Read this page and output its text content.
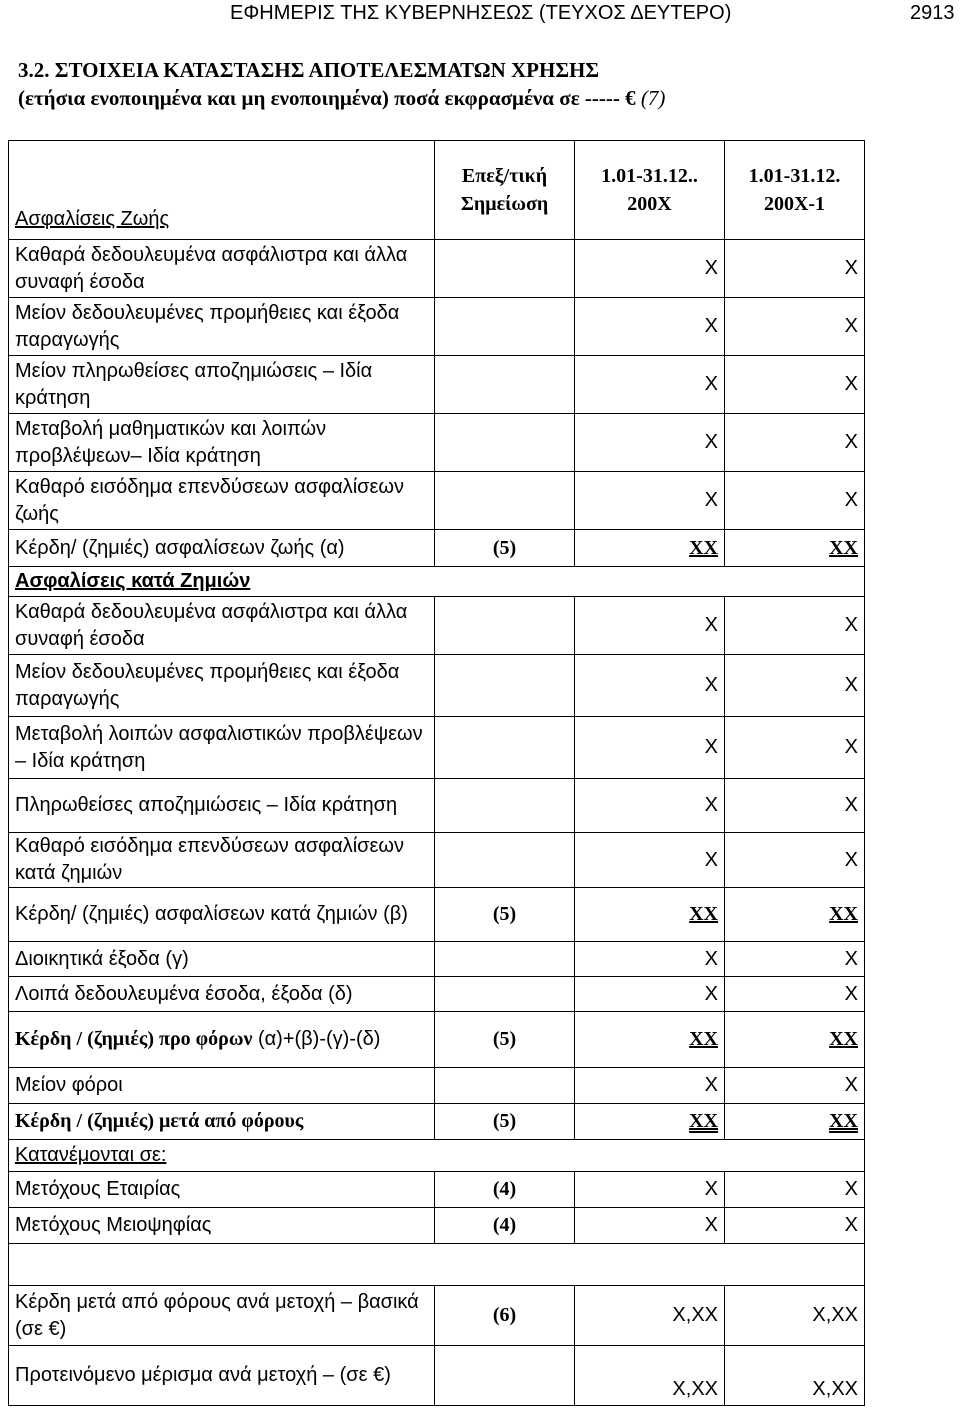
ΕΦΗΜΕΡΙΣ ΤΗΣ ΚΥΒΕΡΝΗΣΕΩΣ (ΤΕΥΧΟΣ ΔΕΥΤΕΡΟ)	2913
3.2. ΣΤΟΙΧΕΙΑ ΚΑΤΑΣΤΑΣΗΣ ΑΠΟΤΕΛΕΣΜΑΤΩΝ ΧΡΗΣΗΣ
(ετήσια ενοποιημένα και μη ενοποιημένα) ποσά εκφρασμένα σε ----- € (7)
Ασφαλίσεις Ζωής	Επεξ/τική Σημείωση	1.01-31.12.. 200Χ	1.01-31.12. 200Χ-1
Καθαρά δεδουλευμένα ασφάλιστρα και άλλα συναφή έσοδα		Χ	Χ
Μείον δεδουλευμένες προμήθειες και έξοδα παραγωγής		Χ	Χ
Μείον πληρωθείσες αποζημιώσεις – Ιδία κράτηση		Χ	Χ
Μεταβολή μαθηματικών και λοιπών προβλέψεων– Ιδία κράτηση		Χ	Χ
Καθαρό εισόδημα επενδύσεων ασφαλίσεων ζωής		Χ	Χ
Κέρδη/ (ζημιές) ασφαλίσεων ζωής (α)	(5)	ΧΧ	ΧΧ
Ασφαλίσεις κατά Ζημιών			
Καθαρά δεδουλευμένα ασφάλιστρα και άλλα συναφή έσοδα		Χ	Χ
Μείον δεδουλευμένες προμήθειες και έξοδα παραγωγής		Χ	Χ
Μεταβολή λοιπών ασφαλιστικών προβλέψεων – Ιδία κράτηση		Χ	Χ
Πληρωθείσες αποζημιώσεις – Ιδία κράτηση		Χ	Χ
Καθαρό εισόδημα επενδύσεων ασφαλίσεων κατά ζημιών		Χ	Χ
Κέρδη/ (ζημιές) ασφαλίσεων κατά ζημιών (β)	(5)	ΧΧ	ΧΧ
Διοικητικά έξοδα (γ)		Χ	Χ
Λοιπά δεδουλευμένα έσοδα, έξοδα (δ)		Χ	Χ
Κέρδη / (ζημιές) προ φόρων (α)+(β)-(γ)-(δ)	(5)	ΧΧ	ΧΧ
Μείον φόροι		Χ	Χ
Κέρδη / (ζημιές) μετά από φόρους	(5)	ΧΧ	ΧΧ
Κατανέμονται σε:			
Μετόχους Εταιρίας	(4)	Χ	Χ
Μετόχους Μειοψηφίας	(4)	Χ	Χ

Κέρδη μετά από φόρους ανά μετοχή – βασικά (σε €)	(6)	Χ,ΧΧ	Χ,ΧΧ
Προτεινόμενο μέρισμα ανά μετοχή – (σε €)		Χ,ΧΧ	Χ,ΧΧ
